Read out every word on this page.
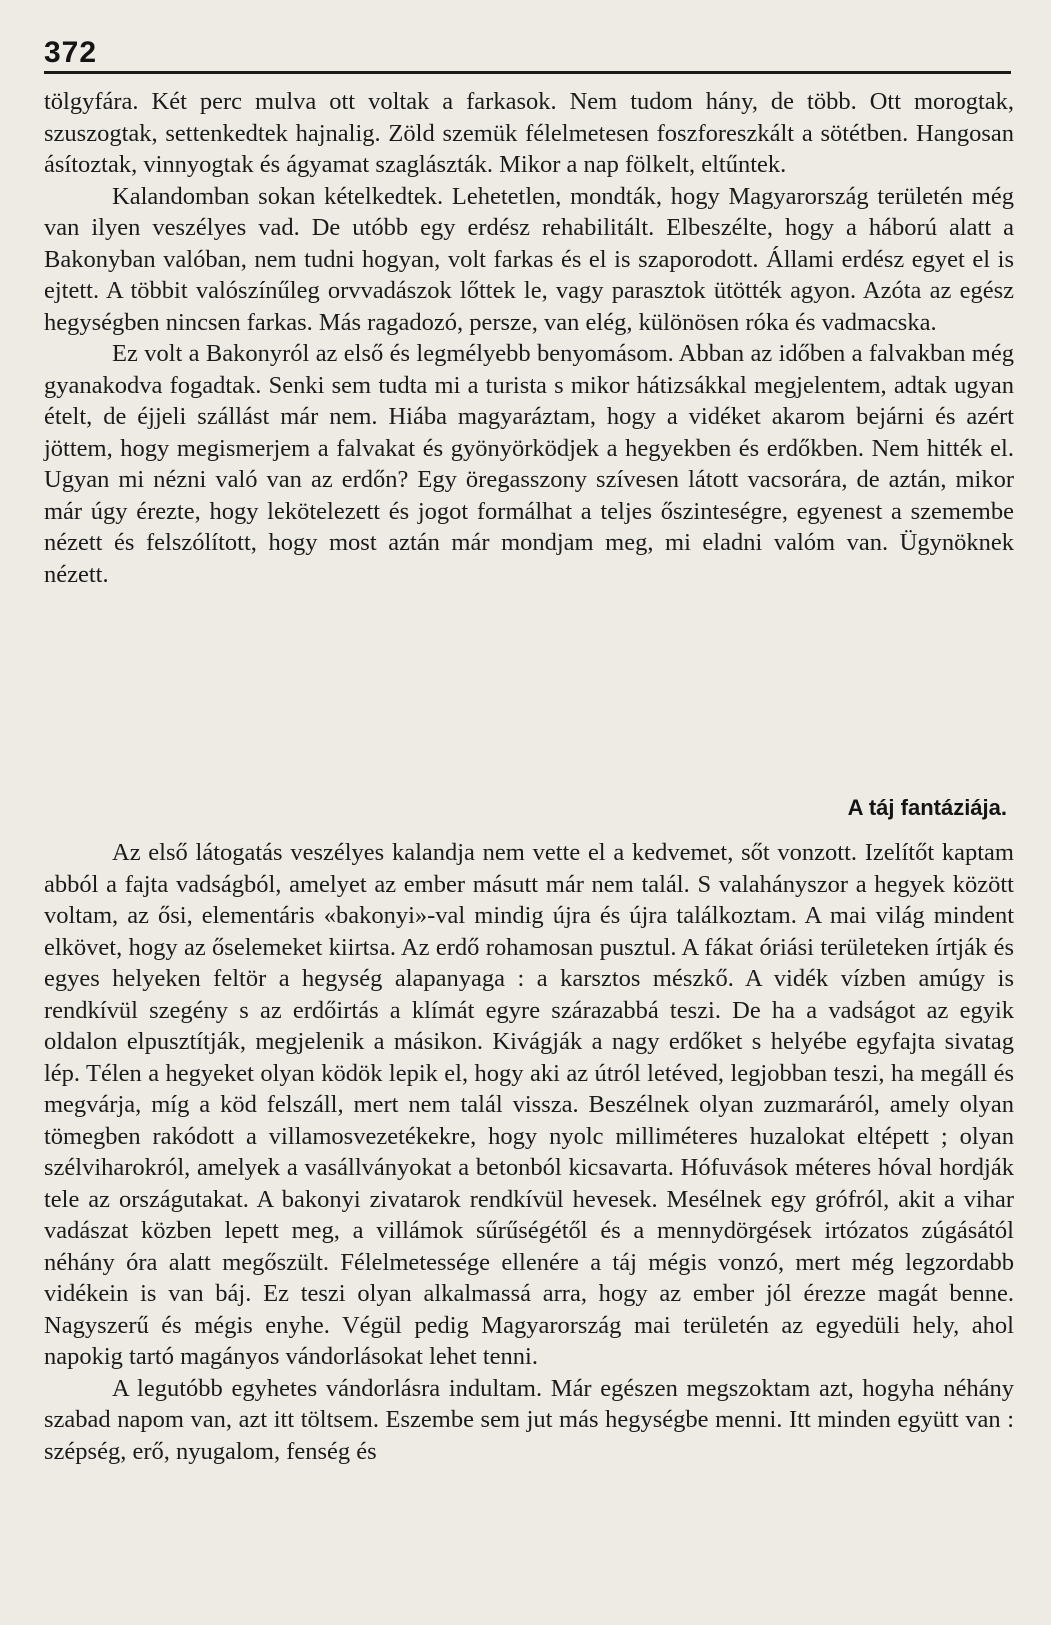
372

tölgyfára. Két perc mulva ott voltak a farkasok. Nem tudom hány, de több. Ott morogtak, szuszogtak, settenkedtek hajnalig. Zöld szemük félelmetesen foszforeszkált a sötétben. Hangosan ásítoztak, vinnyogtak és ágyamat szaglászták. Mikor a nap fölkelt, eltűntek.

Kalandomban sokan kételkedtek. Lehetetlen, mondták, hogy Magyarország területén még van ilyen veszélyes vad. De utóbb egy erdész rehabilitált. Elbeszélte, hogy a háború alatt a Bakonyban valóban, nem tudni hogyan, volt farkas és el is szaporodott. Állami erdész egyet el is ejtett. A többit valószínűleg orvvadászok lőttek le, vagy parasztok ütötték agyon. Azóta az egész hegységben nincsen farkas. Más ragadozó, persze, van elég, különösen róka és vadmacska.

Ez volt a Bakonyról az első és legmélyebb benyomásom. Abban az időben a falvakban még gyanakodva fogadtak. Senki sem tudta mi a turista s mikor hátizsákkal megjelentem, adtak ugyan ételt, de éjjeli szállást már nem. Hiába magyaráztam, hogy a vidéket akarom bejárni és azért jöttem, hogy megismerjem a falvakat és gyönyörködjek a hegyekben és erdőkben. Nem hitték el. Ugyan mi nézni való van az erdőn? Egy öregasszony szívesen látott vacsorára, de aztán, mikor már úgy érezte, hogy lekötelezett és jogot formálhat a teljes őszinteségre, egyenest a szemembe nézett és felszólított, hogy most aztán már mondjam meg, mi eladni valóm van. Ügynöknek nézett.

A táj fantáziája.

Az első látogatás veszélyes kalandja nem vette el a kedvemet, sőt vonzott. Izelítőt kaptam abból a fajta vadságból, amelyet az ember másutt már nem talál. S valahányszor a hegyek között voltam, az ősi, elementáris «bakonyi»-val mindig újra és újra találkoztam. A mai világ mindent elkövet, hogy az őselemeket kiirtsa. Az erdő rohamosan pusztul. A fákat óriási területeken írtják és egyes helyeken feltör a hegység alapanyaga : a karsztos mészkő. A vidék vízben amúgy is rendkívül szegény s az erdőirtás a klímát egyre szárazabbá teszi. De ha a vadságot az egyik oldalon elpusztítják, megjelenik a másikon. Kivágják a nagy erdőket s helyébe egyfajta sivatag lép. Télen a hegyeket olyan ködök lepik el, hogy aki az útról letéved, legjobban teszi, ha megáll és megvárja, míg a köd felszáll, mert nem talál vissza. Beszélnek olyan zuzmaráról, amely olyan tömegben rakódott a villamosvezetékekre, hogy nyolc milliméteres huzalokat eltépett ; olyan szélviharokról, amelyek a vasállványokat a betonból kicsavarta. Hófuvások méteres hóval hordják tele az országutakat. A bakonyi zivatarok rendkívül hevesek. Mesélnek egy grófról, akit a vihar vadászat közben lepett meg, a villámok sűrűségétől és a mennydörgések irtózatos zúgásától néhány óra alatt megőszült. Félelmetessége ellenére a táj mégis vonzó, mert még legzordabb vidékein is van báj. Ez teszi olyan alkalmassá arra, hogy az ember jól érezze magát benne. Nagyszerű és mégis enyhe. Végül pedig Magyarország mai területén az egyedüli hely, ahol napokig tartó magányos vándorlásokat lehet tenni.

A legutóbb egyhetes vándorlásra indultam. Már egészen megszoktam azt, hogyha néhány szabad napom van, azt itt töltsem. Eszembe sem jut más hegységbe menni. Itt minden együtt van : szépség, erő, nyugalom, fenség és
